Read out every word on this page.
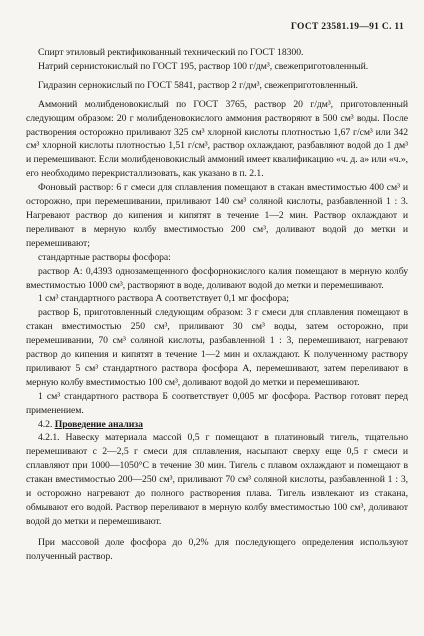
ГОСТ 23581.19—91 С. 11

Спирт этиловый ректификованный технический по ГОСТ 18300.

Натрий сернистокислый по ГОСТ 195, раствор 100 г/дм³, свежеприготовленный.

Гидразин сернокислый по ГОСТ 5841, раствор 2 г/дм³, свежеприготовленный.

Аммоний молибденовокислый по ГОСТ 3765, раствор 20 г/дм³, приготовленный следующим образом: 20 г молибденовокислого аммония растворяют в 500 см³ воды. После растворения осторожно приливают 325 см³ хлорной кислоты плотностью 1,67 г/см³ или 342 см³ хлорной кислоты плотностью 1,51 г/см³, раствор охлаждают, разбавляют водой до 1 дм³ и перемешивают. Если молибденовокислый аммоний имеет квалификацию «ч. д. а» или «ч.», его необходимо перекристаллизовать, как указано в п. 2.1.

Фоновый раствор: 6 г смеси для сплавления помещают в стакан вместимостью 400 см³ и осторожно, при перемешивании, приливают 140 см³ соляной кислоты, разбавленной 1 : 3. Нагревают раствор до кипения и кипятят в течение 1—2 мин. Раствор охлаждают и переливают в мерную колбу вместимостью 200 см³, доливают водой до метки и перемешивают;

стандартные растворы фосфора:

раствор А: 0,4393 однозамещенного фосфорнокислого калия помещают в мерную колбу вместимостью 1000 см³, растворяют в воде, доливают водой до метки и перемешивают.

1 см³ стандартного раствора А соответствует 0,1 мг фосфора;

раствор Б, приготовленный следующим образом: 3 г смеси для сплавления помещают в стакан вместимостью 250 см³, приливают 30 см³ воды, затем осторожно, при перемешивании, 70 см³ соляной кислоты, разбавленной 1 : 3, перемешивают, нагревают раствор до кипения и кипятят в течение 1—2 мин и охлаждают. К полученному раствору приливают 5 см³ стандартного раствора фосфора А, перемешивают, затем переливают в мерную колбу вместимостью 100 см³, доливают водой до метки и перемешивают.

1 см³ стандартного раствора Б соответствует 0,005 мг фосфора. Раствор готовят перед применением.

4.2. Проведение анализа

4.2.1. Навеску материала массой 0,5 г помещают в платиновый тигель, тщательно перемешивают с 2—2,5 г смеси для сплавления, насыпают сверху еще 0,5 г смеси и сплавляют при 1000—1050°С в течение 30 мин. Тигель с плавом охлаждают и помещают в стакан вместимостью 200—250 см³, приливают 70 см³ соляной кислоты, разбавленной 1 : 3, и осторожно нагревают до полного растворения плава. Тигель извлекают из стакана, обмывают его водой. Раствор переливают в мерную колбу вместимостью 100 см³, доливают водой до метки и перемешивают.

При массовой доле фосфора до 0,2% для последующего определения используют полученный раствор.
